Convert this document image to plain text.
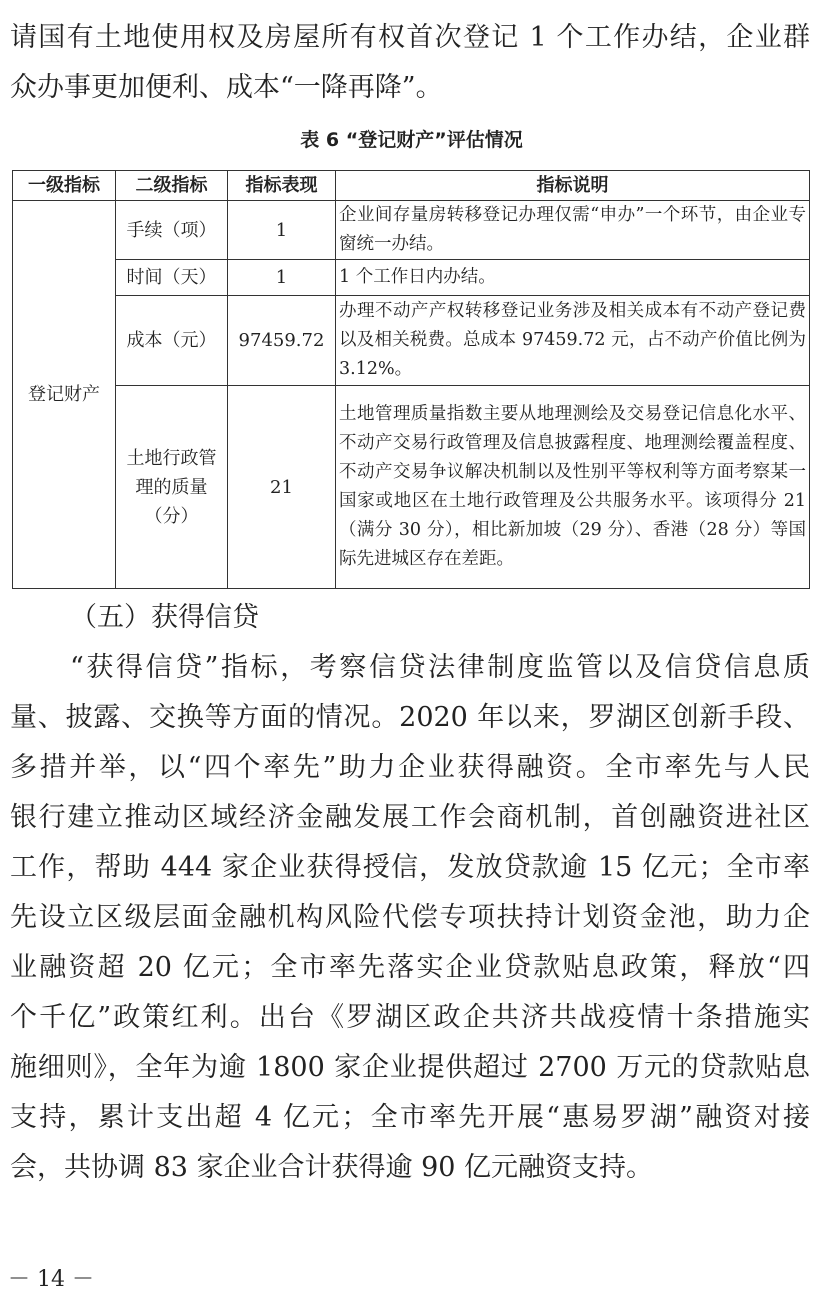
请国有土地使用权及房屋所有权首次登记 1 个工作办结，企业群
众办事更加便利、成本“一降再降”。
表 6 “登记财产”评估情况
一级指标	二级指标	指标表现	指标说明
登记财产	手续（项）	1	企业间存量房转移登记办理仅需“申办”一个环节，由企业专窗统一办结。
	时间（天）	1	1 个工作日内办结。
	成本（元）	97459.72	办理不动产产权转移登记业务涉及相关成本有不动产登记费以及相关税费。总成本 97459.72 元，占不动产价值比例为 3.12%。
	土地行政管理的质量（分）	21	土地管理质量指数主要从地理测绘及交易登记信息化水平、不动产交易行政管理及信息披露程度、地理测绘覆盖程度、不动产交易争议解决机制以及性别平等权利等方面考察某一国家或地区在土地行政管理及公共服务水平。该项得分 21（满分 30 分），相比新加坡（29 分）、香港（28 分）等国际先进城区存在差距。
（五）获得信贷
“获得信贷”指标，考察信贷法律制度监管以及信贷信息质
量、披露、交换等方面的情况。2020 年以来，罗湖区创新手段、
多措并举，以“四个率先”助力企业获得融资。全市率先与人民
银行建立推动区域经济金融发展工作会商机制，首创融资进社区
工作，帮助 444 家企业获得授信，发放贷款逾 15 亿元；全市率
先设立区级层面金融机构风险代偿专项扶持计划资金池，助力企
业融资超 20 亿元；全市率先落实企业贷款贴息政策，释放“四
个千亿”政策红利。出台《罗湖区政企共济共战疫情十条措施实
施细则》，全年为逾 1800 家企业提供超过 2700 万元的贷款贴息
支持，累计支出超 4 亿元；全市率先开展“惠易罗湖”融资对接
会，共协调 83 家企业合计获得逾 90 亿元融资支持。
－ 14 －
